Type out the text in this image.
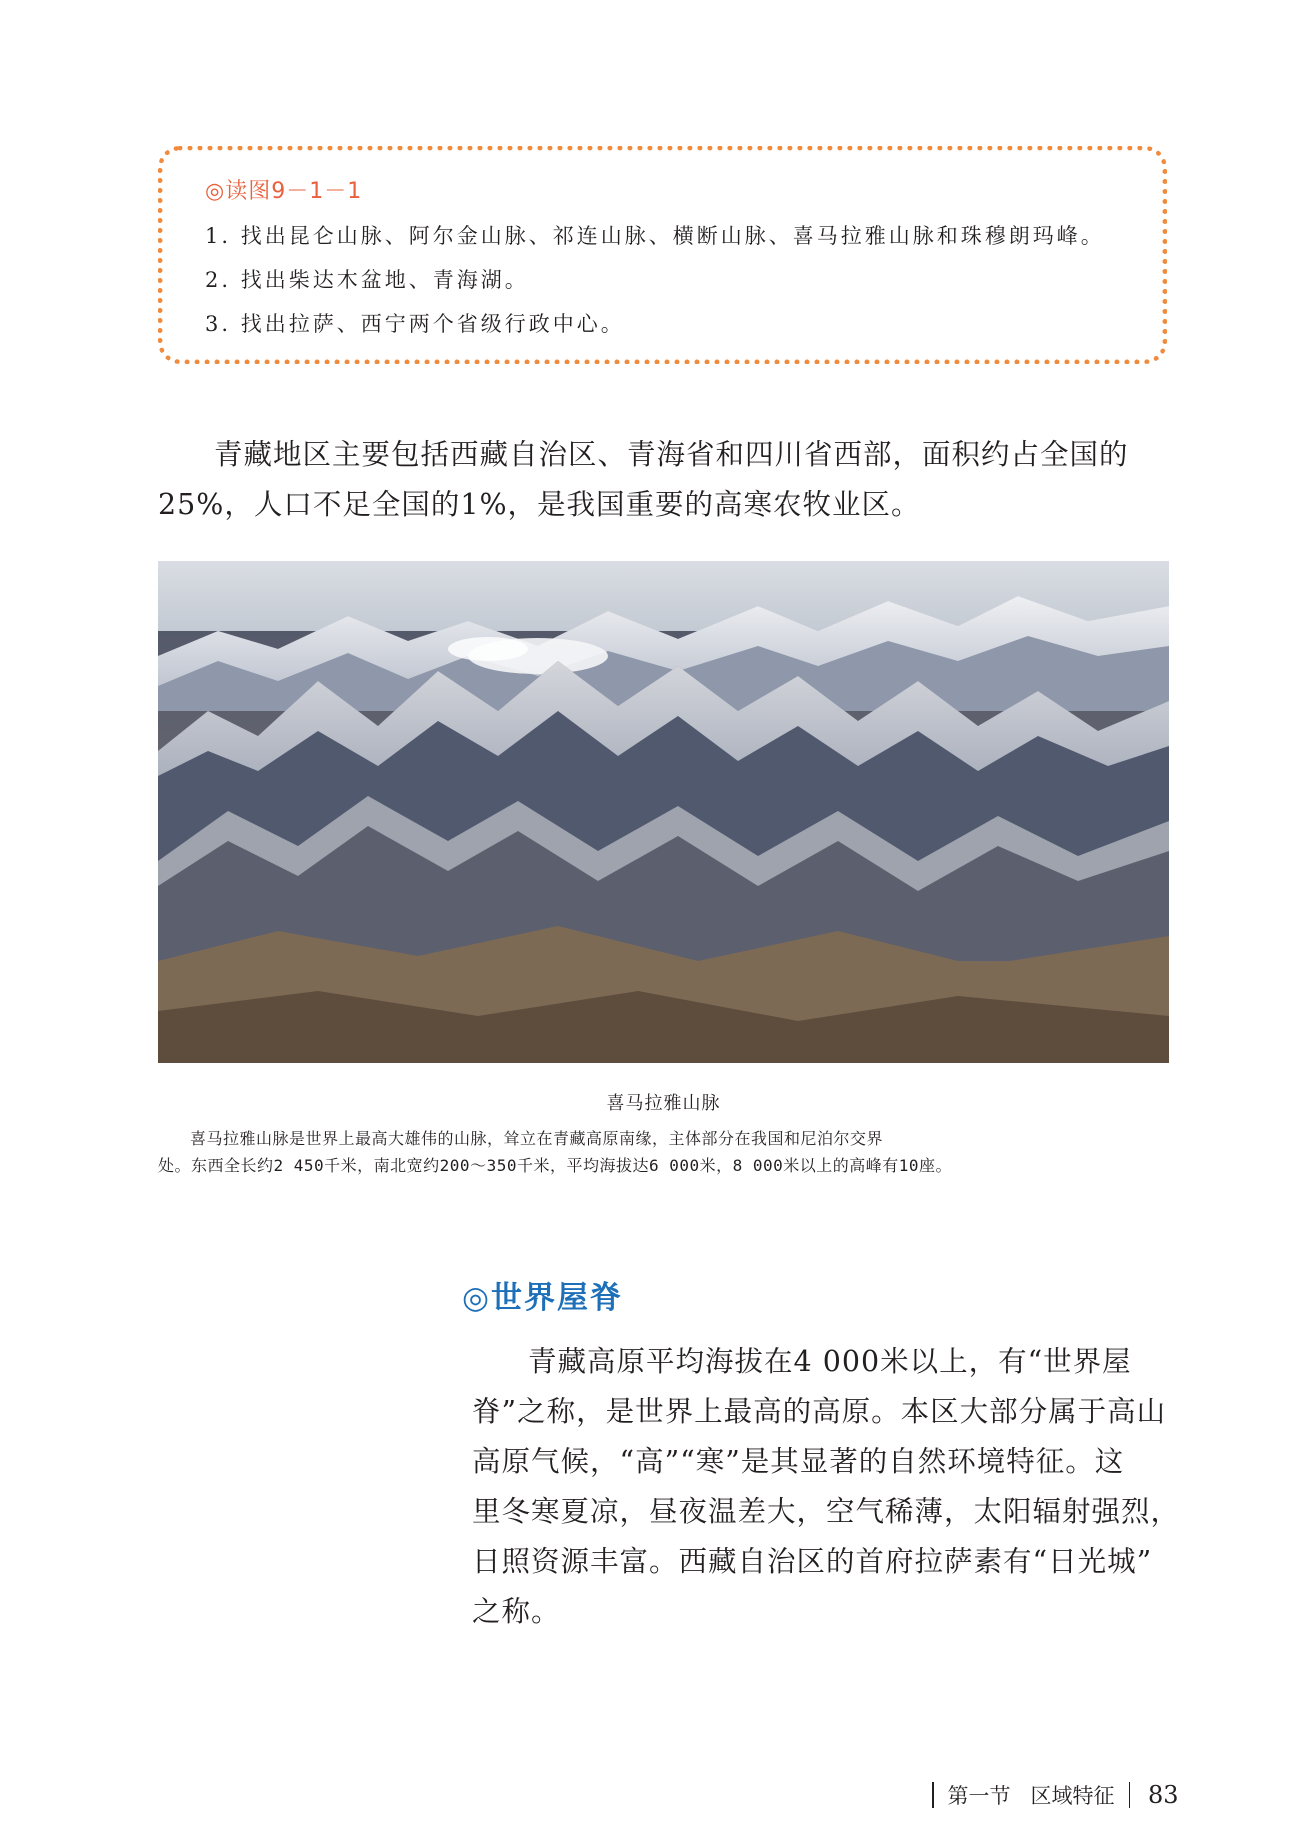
◎读图9－1－1
1. 找出昆仑山脉、阿尔金山脉、祁连山脉、横断山脉、喜马拉雅山脉和珠穆朗玛峰。
2. 找出柴达木盆地、青海湖。
3. 找出拉萨、西宁两个省级行政中心。
青藏地区主要包括西藏自治区、青海省和四川省西部，面积约占全国的
25%，人口不足全国的1%，是我国重要的高寒农牧业区。
喜马拉雅山脉
喜马拉雅山脉是世界上最高大雄伟的山脉，耸立在青藏高原南缘，主体部分在我国和尼泊尔交界
处。东西全长约2 450千米，南北宽约200～350千米，平均海拔达6 000米，8 000米以上的高峰有10座。
◎世界屋脊
青藏高原平均海拔在4 000米以上，有“世界屋
脊”之称，是世界上最高的高原。本区大部分属于高山
高原气候，“高”“寒”是其显著的自然环境特征。这
里冬寒夏凉，昼夜温差大，空气稀薄，太阳辐射强烈，
日照资源丰富。西藏自治区的首府拉萨素有“日光城”
之称。
第一节 区域特征 83
